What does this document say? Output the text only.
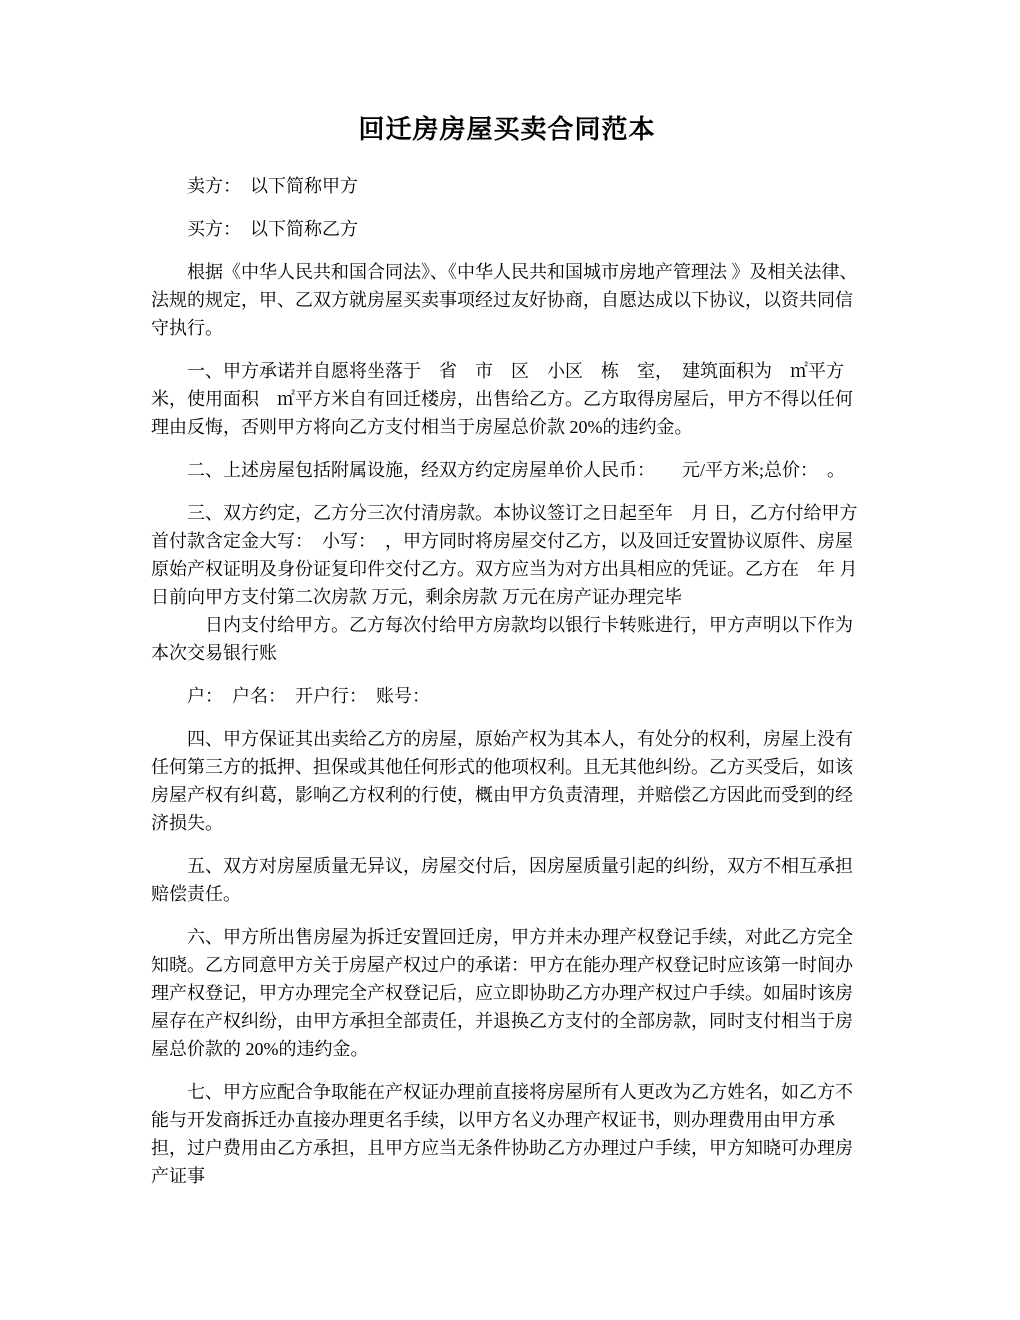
回迁房房屋买卖合同范本

卖方：　以下简称甲方

买方：　以下简称乙方

根据《中华人民共和国合同法》、《中华人民共和国城市房地产管理法 》及相关法律、法规的规定，甲、乙双方就房屋买卖事项经过友好协商，自愿达成以下协议，以资共同信守执行。

一、甲方承诺并自愿将坐落于　省　市　区　小区　栋　室，　建筑面积为　㎡平方米，使用面积　㎡平方米自有回迁楼房，出售给乙方。乙方取得房屋后，甲方不得以任何理由反悔，否则甲方将向乙方支付相当于房屋总价款 20%的违约金。

二、上述房屋包括附属设施，经双方约定房屋单价人民币：　　元/平方米;总价：　。

三、双方约定，乙方分三次付清房款。本协议签订之日起至年　月 日，乙方付给甲方首付款含定金大写：　小写：　，甲方同时将房屋交付乙方，以及回迁安置协议原件、房屋原始产权证明及身份证复印件交付乙方。双方应当为对方出具相应的凭证。乙方在　年 月日前向甲方支付第二次房款 万元，剩余房款 万元在房产证办理完毕

日内支付给甲方。乙方每次付给甲方房款均以银行卡转账进行，甲方声明以下作为本次交易银行账

户：　户名：　开户行：　账号：

四、甲方保证其出卖给乙方的房屋，原始产权为其本人，有处分的权利，房屋上没有任何第三方的抵押、担保或其他任何形式的他项权利。且无其他纠纷。乙方买受后，如该房屋产权有纠葛，影响乙方权利的行使，概由甲方负责清理，并赔偿乙方因此而受到的经济损失。

五、双方对房屋质量无异议，房屋交付后，因房屋质量引起的纠纷，双方不相互承担赔偿责任。

六、甲方所出售房屋为拆迁安置回迁房，甲方并未办理产权登记手续，对此乙方完全知晓。乙方同意甲方关于房屋产权过户的承诺：甲方在能办理产权登记时应该第一时间办理产权登记，甲方办理完全产权登记后，应立即协助乙方办理产权过户手续。如届时该房屋存在产权纠纷，由甲方承担全部责任，并退换乙方支付的全部房款，同时支付相当于房屋总价款的 20%的违约金。

七、甲方应配合争取能在产权证办理前直接将房屋所有人更改为乙方姓名，如乙方不能与开发商拆迁办直接办理更名手续，以甲方名义办理产权证书，则办理费用由甲方承担，过户费用由乙方承担，且甲方应当无条件协助乙方办理过户手续，甲方知晓可办理房产证事
